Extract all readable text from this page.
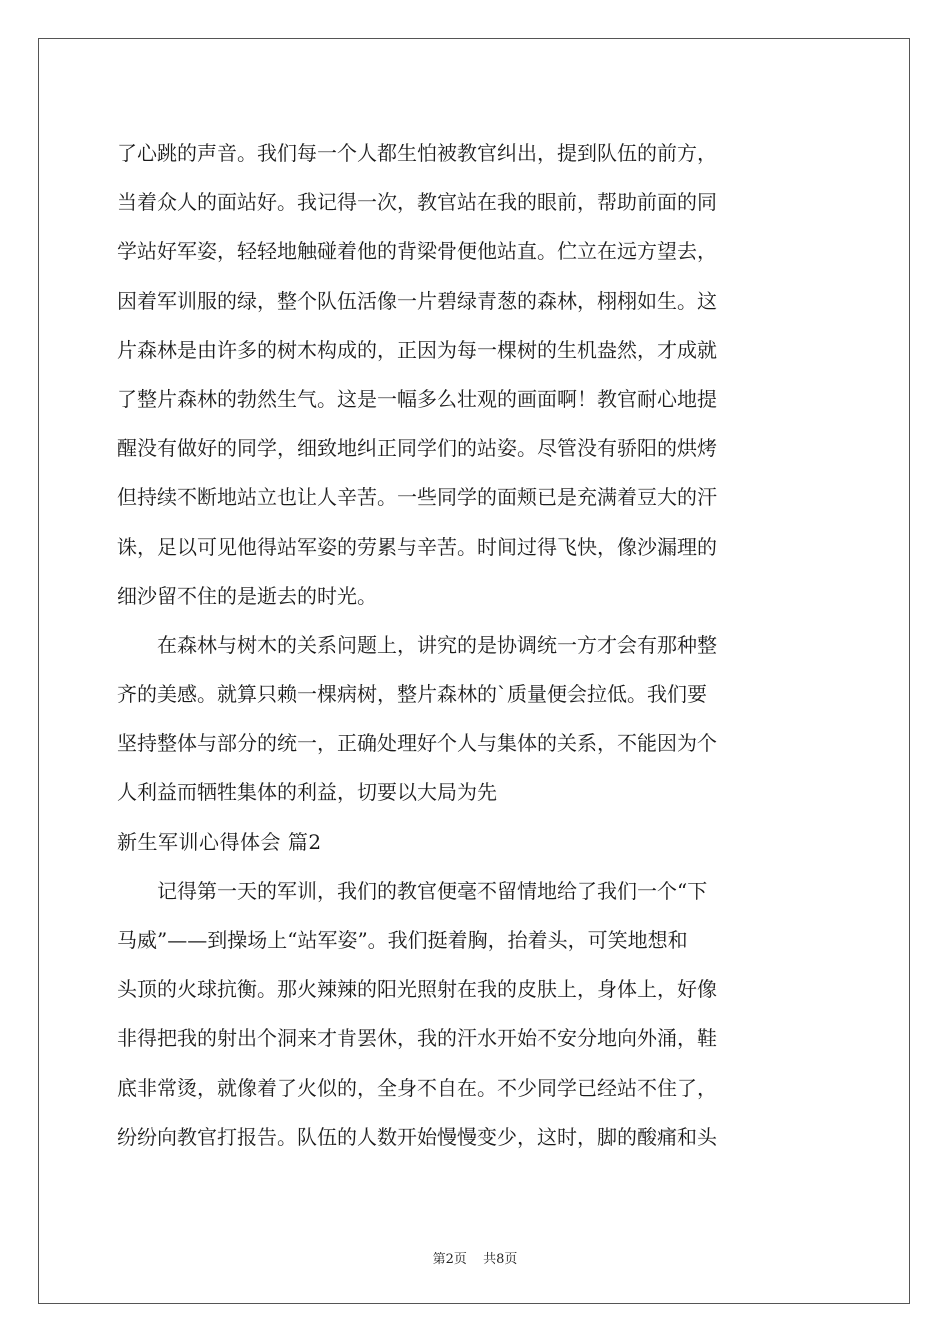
了心跳的声音。我们每一个人都生怕被教官纠出，提到队伍的前方，
当着众人的面站好。我记得一次，教官站在我的眼前，帮助前面的同
学站好军姿，轻轻地触碰着他的背梁骨便他站直。伫立在远方望去，
因着军训服的绿，整个队伍活像一片碧绿青葱的森林，栩栩如生。这
片森林是由许多的树木构成的，正因为每一棵树的生机盎然，才成就
了整片森林的勃然生气。这是一幅多么壮观的画面啊！教官耐心地提
醒没有做好的同学，细致地纠正同学们的站姿。尽管没有骄阳的烘烤
但持续不断地站立也让人辛苦。一些同学的面颊已是充满着豆大的汗
诛，足以可见他得站军姿的劳累与辛苦。时间过得飞快，像沙漏理的
细沙留不住的是逝去的时光。
　　在森林与树木的关系问题上，讲究的是协调统一方才会有那种整
齐的美感。就算只赖一棵病树，整片森林的`质量便会拉低。我们要
坚持整体与部分的统一，正确处理好个人与集体的关系，不能因为个
人利益而牺牲集体的利益，切要以大局为先
新生军训心得体会 篇2
　　记得第一天的军训，我们的教官便毫不留情地给了我们一个“下
马威”——到操场上“站军姿”。我们挺着胸，抬着头，可笑地想和
头顶的火球抗衡。那火辣辣的阳光照射在我的皮肤上，身体上，好像
非得把我的射出个洞来才肯罢休，我的汗水开始不安分地向外涌，鞋
底非常烫，就像着了火似的，全身不自在。不少同学已经站不住了，
纷纷向教官打报告。队伍的人数开始慢慢变少，这时，脚的酸痛和头
第2页 共8页
